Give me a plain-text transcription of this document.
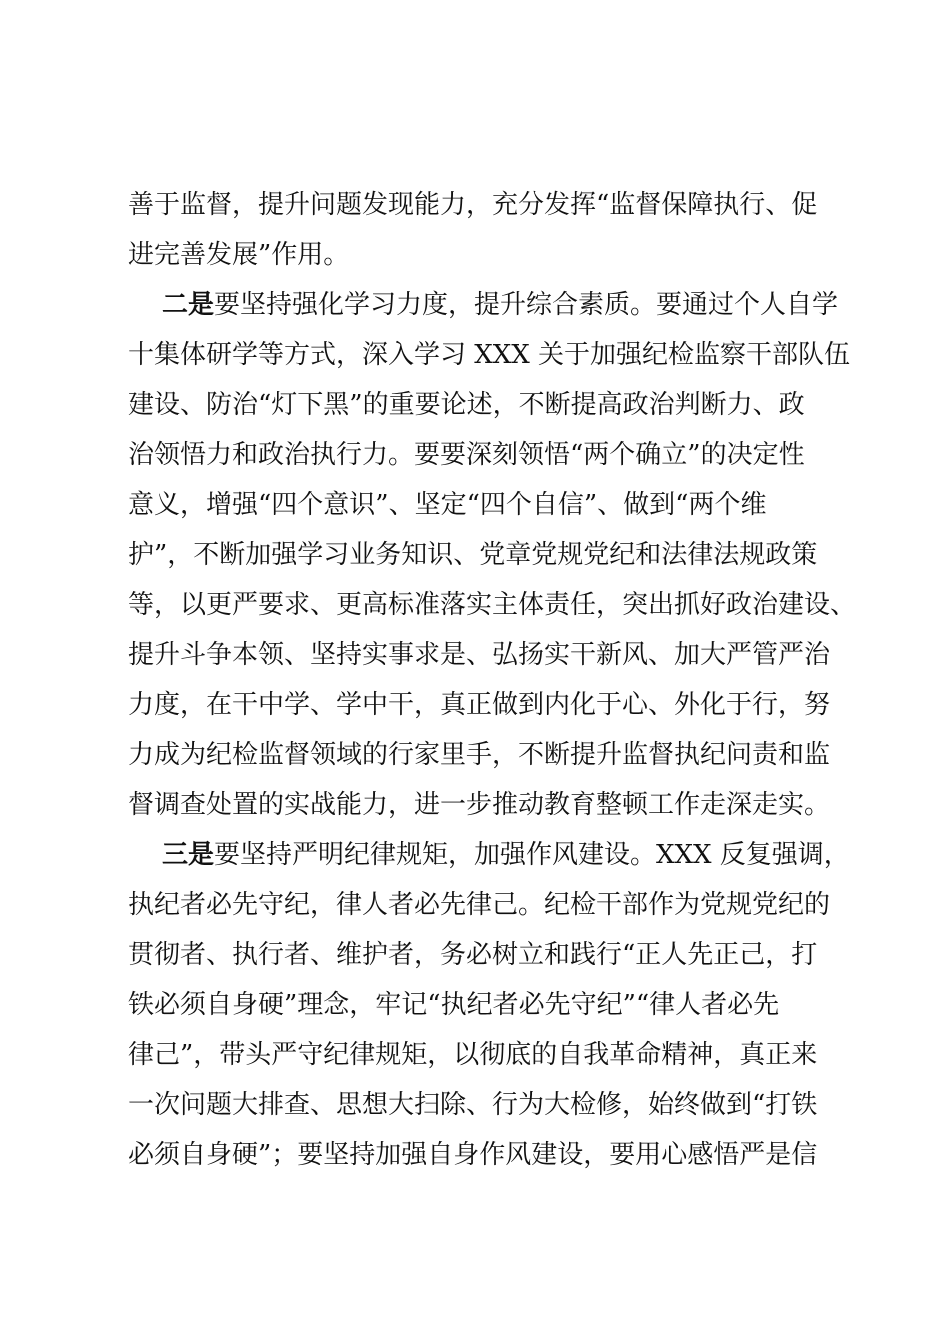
善于监督，提升问题发现能力，充分发挥“监督保障执行、促
进完善发展”作用。
二是要坚持强化学习力度，提升综合素质。要通过个人自学
十集体研学等方式，深入学习 XXX 关于加强纪检监察干部队伍
建设、防治“灯下黑”的重要论述，不断提高政治判断力、政
治领悟力和政治执行力。要要深刻领悟“两个确立”的决定性
意义，增强“四个意识”、坚定“四个自信”、做到“两个维
护”，不断加强学习业务知识、党章党规党纪和法律法规政策
等，以更严要求、更高标准落实主体责任，突出抓好政治建设、
提升斗争本领、坚持实事求是、弘扬实干新风、加大严管严治
力度，在干中学、学中干，真正做到内化于心、外化于行，努
力成为纪检监督领域的行家里手，不断提升监督执纪问责和监
督调查处置的实战能力，进一步推动教育整顿工作走深走实。
三是要坚持严明纪律规矩，加强作风建设。XXX 反复强调，
执纪者必先守纪，律人者必先律己。纪检干部作为党规党纪的
贯彻者、执行者、维护者，务必树立和践行“正人先正己，打
铁必须自身硬”理念，牢记“执纪者必先守纪”“律人者必先
律己”，带头严守纪律规矩，以彻底的自我革命精神，真正来
一次问题大排查、思想大扫除、行为大检修，始终做到“打铁
必须自身硬”；要坚持加强自身作风建设，要用心感悟严是信
